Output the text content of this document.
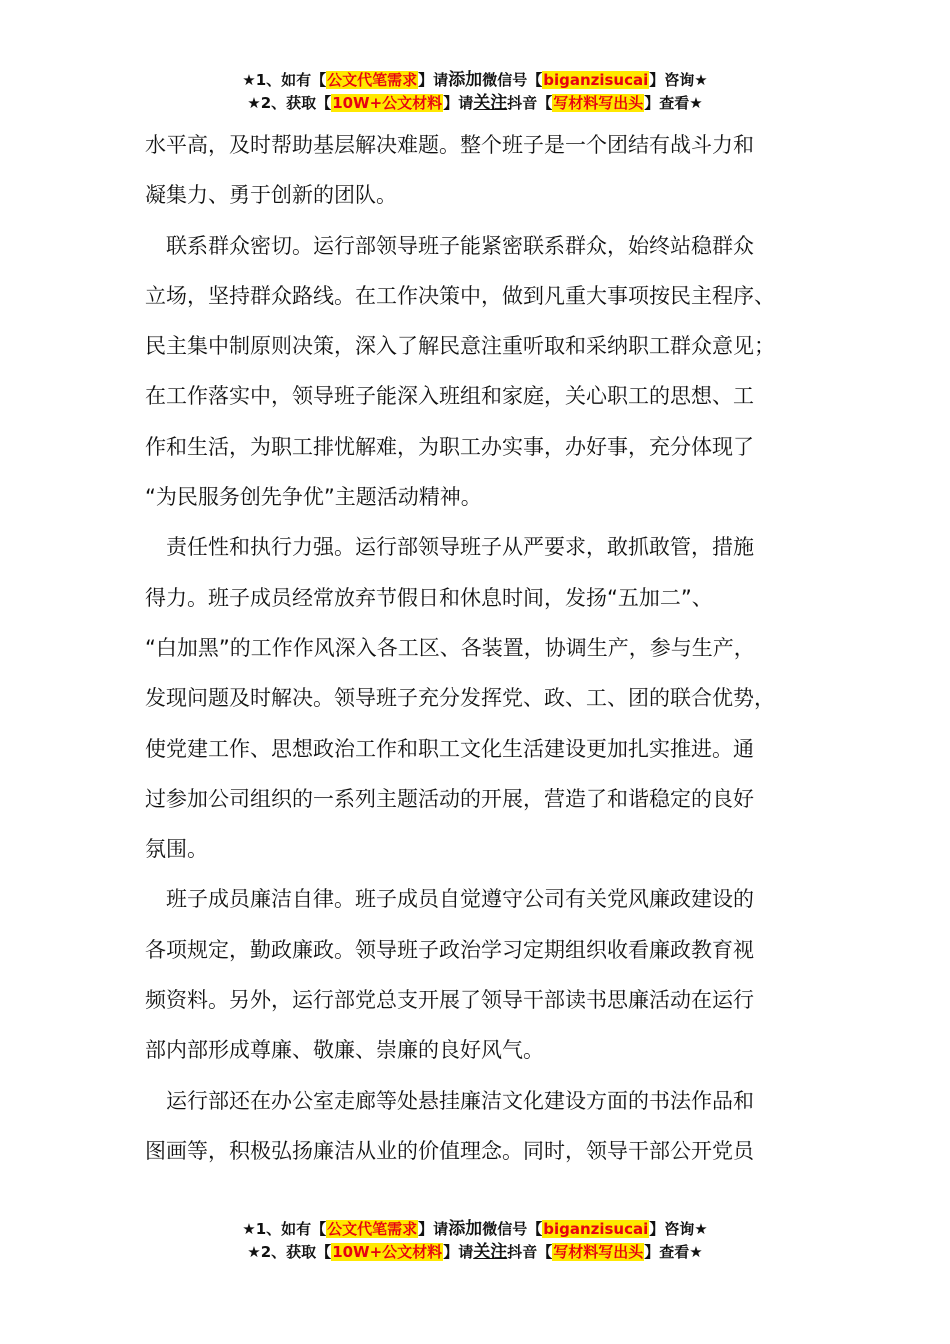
★1、如有【公文代笔需求】请添加微信号【biganzisucai】咨询★
★2、获取【10W+公文材料】请关注抖音【写材料写出头】查看★
水平高，及时帮助基层解决难题。整个班子是一个团结有战斗力和
凝集力、勇于创新的团队。
　联系群众密切。运行部领导班子能紧密联系群众，始终站稳群众
立场，坚持群众路线。在工作决策中，做到凡重大事项按民主程序、
民主集中制原则决策，深入了解民意注重听取和采纳职工群众意见；
在工作落实中，领导班子能深入班组和家庭，关心职工的思想、工
作和生活，为职工排忧解难，为职工办实事，办好事，充分体现了
“为民服务创先争优”主题活动精神。
　责任性和执行力强。运行部领导班子从严要求，敢抓敢管，措施
得力。班子成员经常放弃节假日和休息时间，发扬“五加二”、
“白加黑”的工作作风深入各工区、各装置，协调生产，参与生产，
发现问题及时解决。领导班子充分发挥党、政、工、团的联合优势，
使党建工作、思想政治工作和职工文化生活建设更加扎实推进。通
过参加公司组织的一系列主题活动的开展，营造了和谐稳定的良好
氛围。
　班子成员廉洁自律。班子成员自觉遵守公司有关党风廉政建设的
各项规定，勤政廉政。领导班子政治学习定期组织收看廉政教育视
频资料。另外，运行部党总支开展了领导干部读书思廉活动在运行
部内部形成尊廉、敬廉、崇廉的良好风气。
　运行部还在办公室走廊等处悬挂廉洁文化建设方面的书法作品和
图画等，积极弘扬廉洁从业的价值理念。同时，领导干部公开党员
★1、如有【公文代笔需求】请添加微信号【biganzisucai】咨询★
★2、获取【10W+公文材料】请关注抖音【写材料写出头】查看★
